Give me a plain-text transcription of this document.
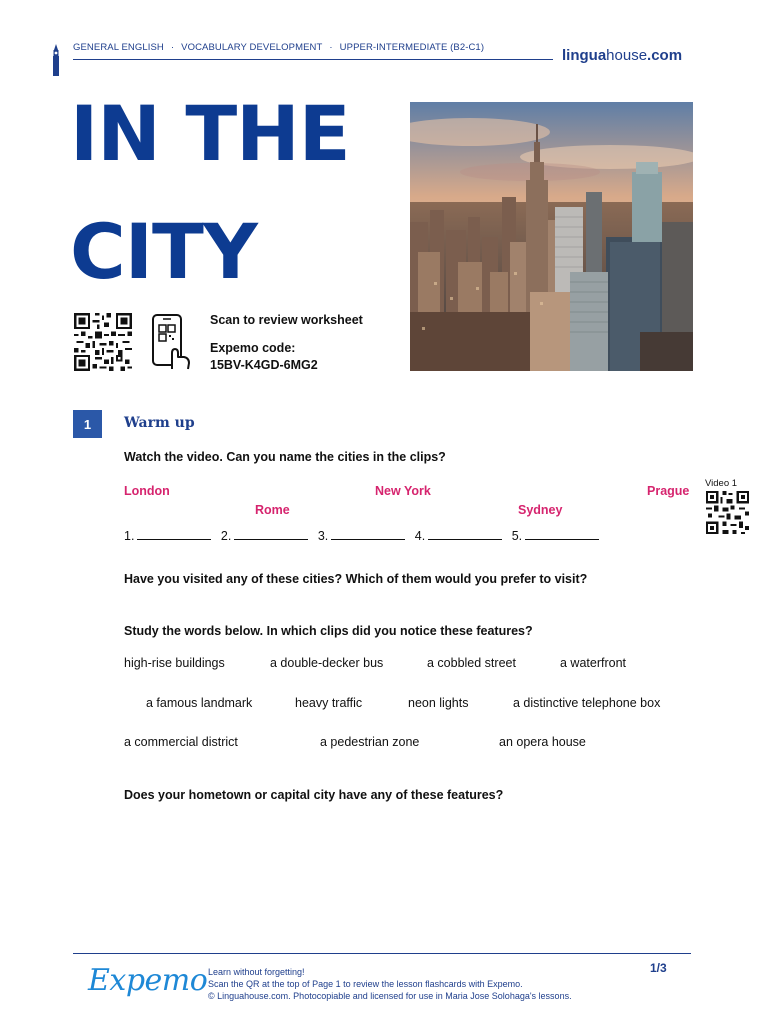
GENERAL ENGLISH · VOCABULARY DEVELOPMENT · UPPER-INTERMEDIATE (B2-C1)	linguahouse.com
IN THE
CITY
Scan to review worksheet
Expemo code:
15BV-K4GD-6MG2
1	Warm up
Watch the video. Can you name the cities in the clips?
London	New York	Prague
Rome	Sydney
1.	2.	3.	4.	5.
Video 1
Have you visited any of these cities? Which of them would you prefer to visit?
Study the words below. In which clips did you notice these features?
high-rise buildings	a double-decker bus	a cobbled street	a waterfront
a famous landmark	heavy traffic	neon lights	a distinctive telephone box
a commercial district	a pedestrian zone	an opera house
Does your hometown or capital city have any of these features?
Expemo Learn without forgetting!
Scan the QR at the top of Page 1 to review the lesson flashcards with Expemo.
© Linguahouse.com. Photocopiable and licensed for use in Maria Jose Solohaga's lessons.
1/3
